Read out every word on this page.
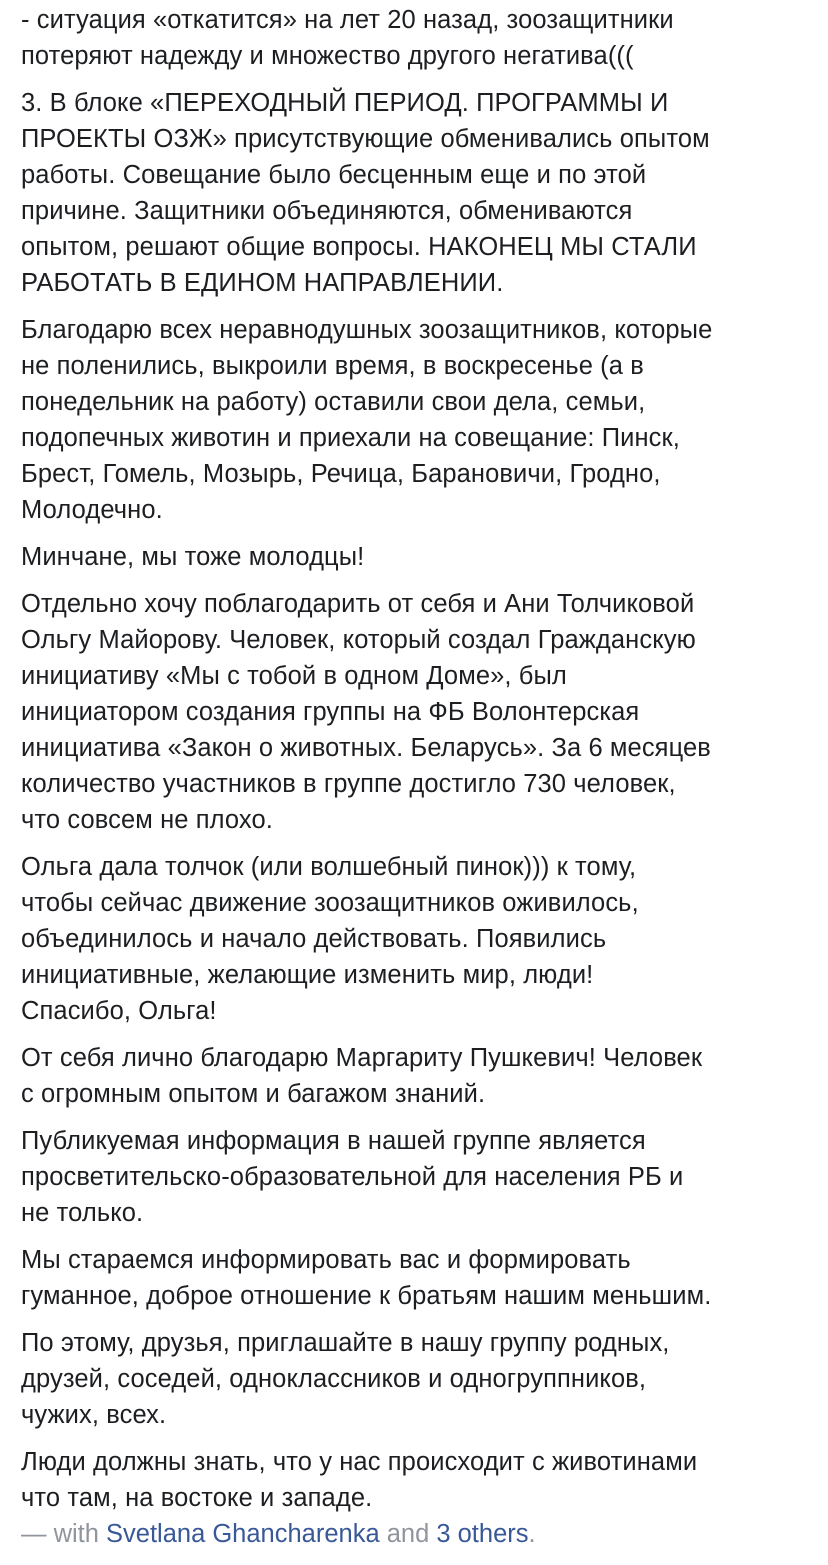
- ситуация «откатится» на лет 20 назад, зоозащитники
потеряют надежду и множество другого негатива(((

3. В блоке «ПЕРЕХОДНЫЙ ПЕРИОД. ПРОГРАММЫ И
ПРОЕКТЫ ОЗЖ» присутствующие обменивались опытом
работы. Совещание было бесценным еще и по этой
причине. Защитники объединяются, обмениваются
опытом, решают общие вопросы. НАКОНЕЦ МЫ СТАЛИ
РАБОТАТЬ В ЕДИНОМ НАПРАВЛЕНИИ.

Благодарю всех неравнодушных зоозащитников, которые
не поленились, выкроили время, в воскресенье (а в
понедельник на работу) оставили свои дела, семьи,
подопечных животин и приехали на совещание: Пинск,
Брест, Гомель, Мозырь, Речица, Барановичи, Гродно,
Молодечно.

Минчане, мы тоже молодцы!

Отдельно хочу поблагодарить от себя и Ани Толчиковой
Ольгу Майорову. Человек, который создал Гражданскую
инициативу «Мы с тобой в одном Доме», был
инициатором создания группы на ФБ Волонтерская
инициатива «Закон о животных. Беларусь». За 6 месяцев
количество участников в группе достигло 730 человек,
что совсем не плохо.

Ольга дала толчок (или волшебный пинок))) к тому,
чтобы сейчас движение зоозащитников оживилось,
объединилось и начало действовать. Появились
инициативные, желающие изменить мир, люди!
Спасибо, Ольга!

От себя лично благодарю Маргариту Пушкевич! Человек
с огромным опытом и багажом знаний.

Публикуемая информация в нашей группе является
просветительско-образовательной для населения РБ и
не только.

Мы стараемся информировать вас и формировать
гуманное, доброе отношение к братьям нашим меньшим.

По этому, друзья, приглашайте в нашу группу родных,
друзей, соседей, одноклассников и одногруппников,
чужих, всех.

Люди должны знать, что у нас происходит с животинами
что там, на востоке и западе.

— with Svetlana Ghancharenka and 3 others.
